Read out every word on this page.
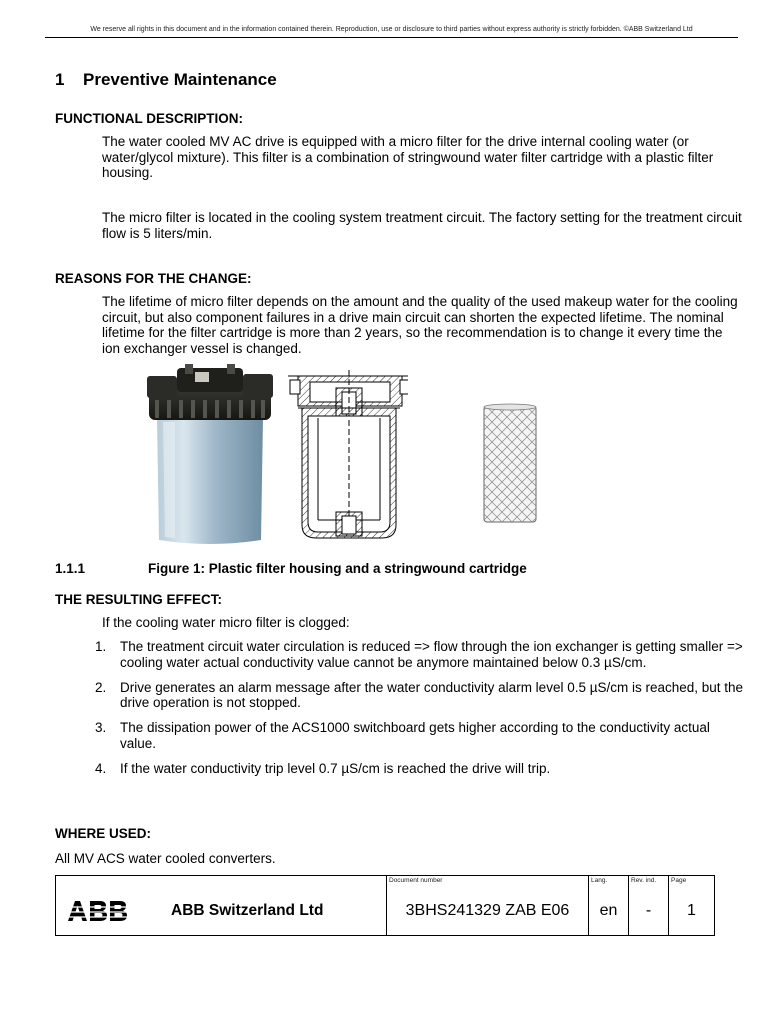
We reserve all rights in this document and in the information contained therein. Reproduction, use or disclosure to third parties without express authority is strictly forbidden. ©ABB Switzerland Ltd
1 Preventive Maintenance
FUNCTIONAL DESCRIPTION:
The water cooled MV AC drive is equipped with a micro filter for the drive internal cooling water (or water/glycol mixture). This filter is a combination of stringwound water filter cartridge with a plastic filter housing.
The micro filter is located in the cooling system treatment circuit. The factory setting for the treatment circuit flow is 5 liters/min.
REASONS FOR THE CHANGE:
The lifetime of micro filter depends on the amount and the quality of the used makeup water for the cooling circuit, but also component failures in a drive main circuit can shorten the expected lifetime. The nominal lifetime for the filter cartridge is more than 2 years, so the recommendation is to change it every time the ion exchanger vessel is changed.
1.1.1	Figure 1: Plastic filter housing and a stringwound cartridge
THE RESULTING EFFECT:
If the cooling water micro filter is clogged:
1. The treatment circuit water circulation is reduced => flow through the ion exchanger is getting smaller => cooling water actual conductivity value cannot be anymore maintained below 0.3 µS/cm.
2. Drive generates an alarm message after the water conductivity alarm level 0.5 µS/cm is reached, but the drive operation is not stopped.
3. The dissipation power of the ACS1000 switchboard gets higher according to the conductivity actual value.
4. If the water conductivity trip level 0.7 µS/cm is reached the drive will trip.
WHERE USED:
All MV ACS water cooled converters.
ABB Switzerland Ltd
Document number
3BHS241329 ZAB E06
Lang.
en
Rev. ind.
-
Page
1
